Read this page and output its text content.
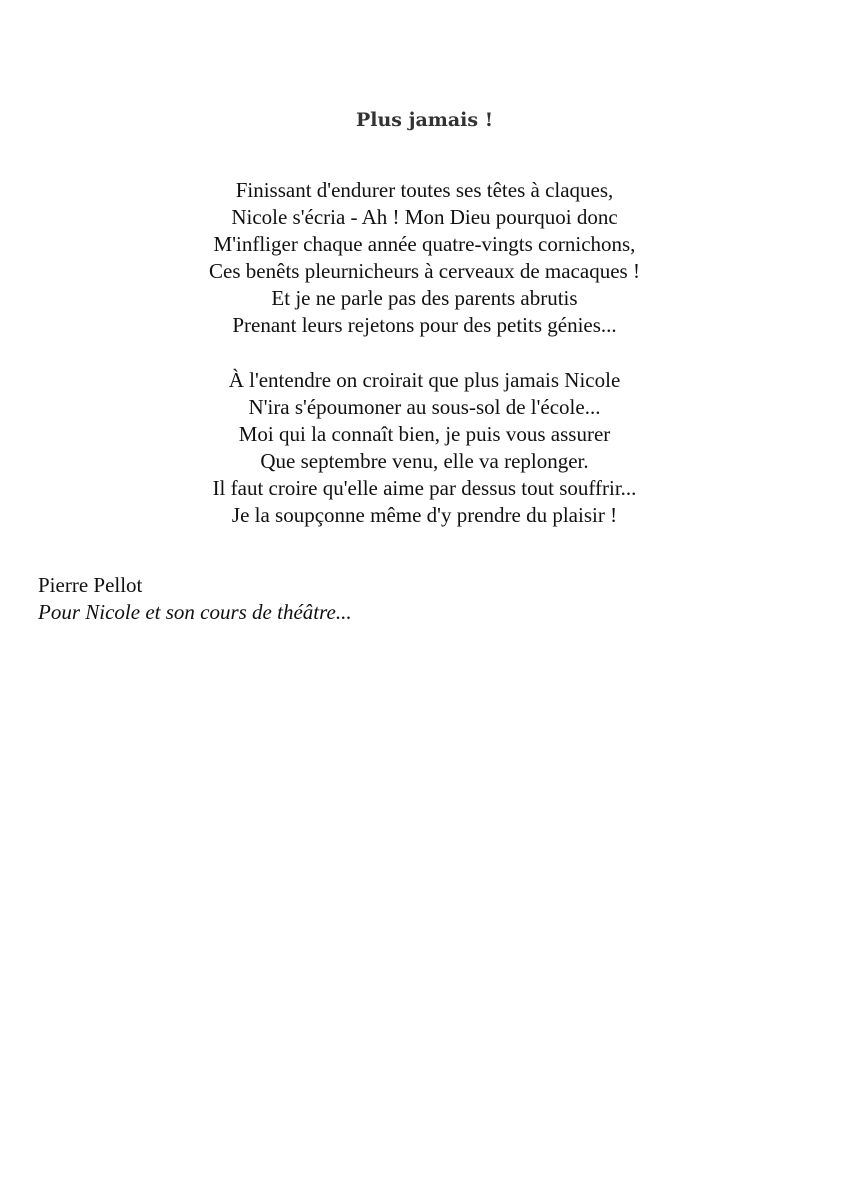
Plus jamais !
Finissant d'endurer toutes ses têtes à claques,
Nicole s'écria - Ah ! Mon Dieu pourquoi donc
M'infliger chaque année quatre-vingts cornichons,
Ces benêts pleurnicheurs à cerveaux de macaques !
Et je ne parle pas des parents abrutis
Prenant leurs rejetons pour des petits génies...
À l'entendre on croirait que plus jamais Nicole
N'ira s'époumoner au sous-sol de l'école...
Moi qui la connaît bien, je puis vous assurer
Que septembre venu, elle va replonger.
Il faut croire qu'elle aime par dessus tout souffrir...
Je la soupçonne même d'y prendre du plaisir !
Pierre Pellot
Pour Nicole et son cours de théâtre...
